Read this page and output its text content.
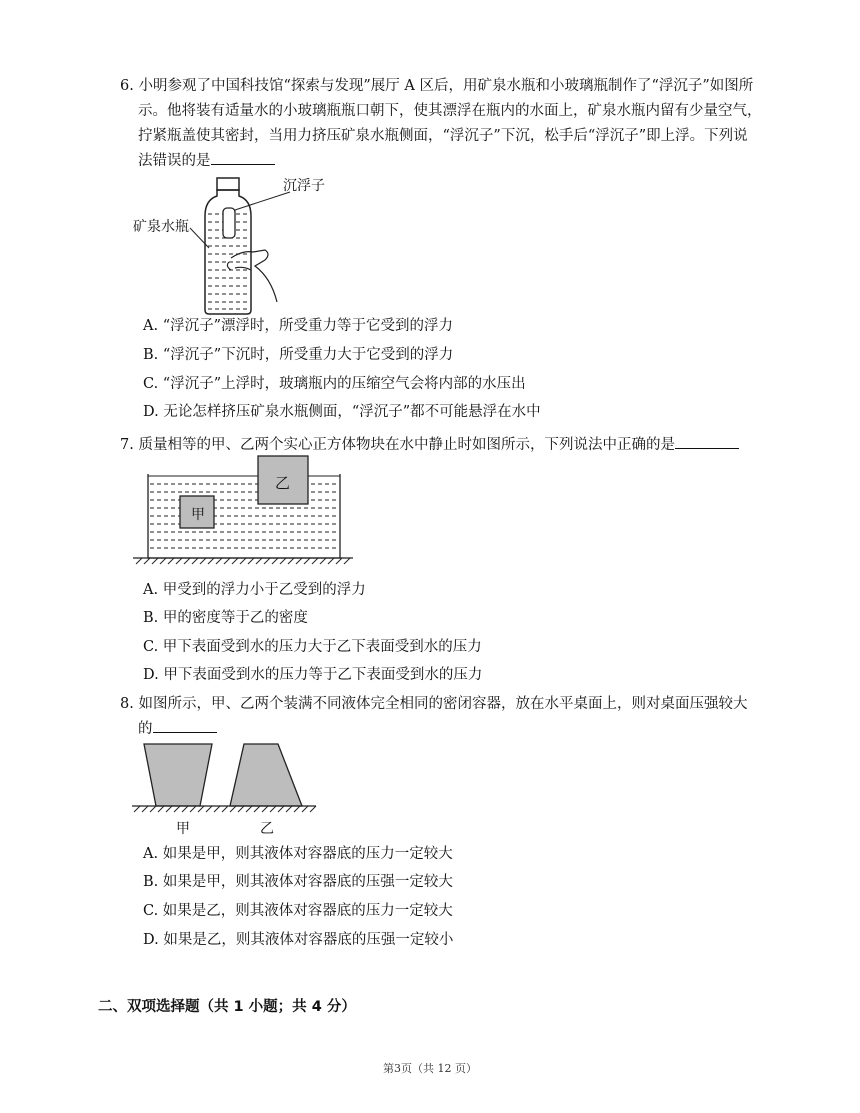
6. 小明参观了中国科技馆“探索与发现”展厅 A 区后，用矿泉水瓶和小玻璃瓶制作了“浮沉子”如图所
示。他将装有适量水的小玻璃瓶瓶口朝下，使其漂浮在瓶内的水面上，矿泉水瓶内留有少量空气，
拧紧瓶盖使其密封，当用力挤压矿泉水瓶侧面，“浮沉子”下沉，松手后“浮沉子”即上浮。下列说
法错误的是
沉浮子
矿泉水瓶
A. “浮沉子”漂浮时，所受重力等于它受到的浮力
B. “浮沉子”下沉时，所受重力大于它受到的浮力
C. “浮沉子”上浮时，玻璃瓶内的压缩空气会将内部的水压出
D. 无论怎样挤压矿泉水瓶侧面，“浮沉子”都不可能悬浮在水中
7. 质量相等的甲、乙两个实心正方体物块在水中静止时如图所示，下列说法中正确的是
甲
乙
A. 甲受到的浮力小于乙受到的浮力
B. 甲的密度等于乙的密度
C. 甲下表面受到水的压力大于乙下表面受到水的压力
D. 甲下表面受到水的压力等于乙下表面受到水的压力
8. 如图所示，甲、乙两个装满不同液体完全相同的密闭容器，放在水平桌面上，则对桌面压强较大
的
甲	乙
A. 如果是甲，则其液体对容器底的压力一定较大
B. 如果是甲，则其液体对容器底的压强一定较大
C. 如果是乙，则其液体对容器底的压力一定较大
D. 如果是乙，则其液体对容器底的压强一定较小
二、双项选择题（共 1 小题；共 4 分）
第3页（共 12 页）
